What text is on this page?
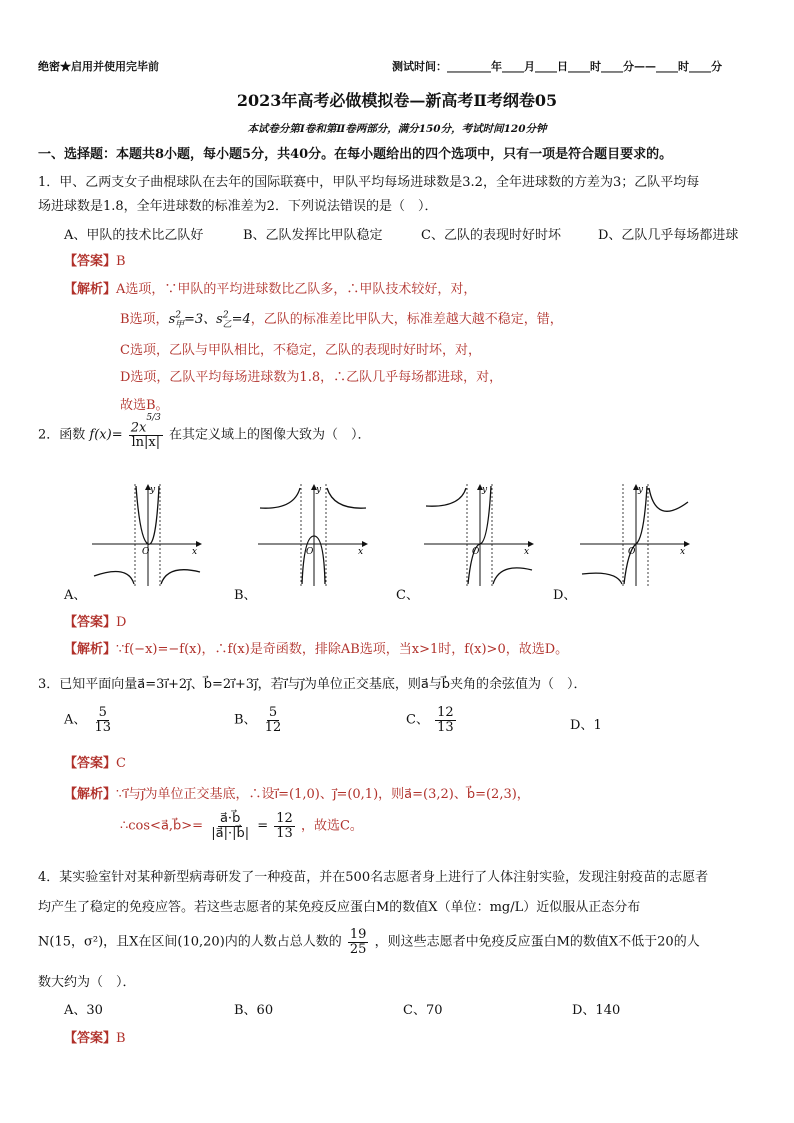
绝密★启用并使用完毕前	测试时间：________年____月____日____时____分——____时____分
2023年高考必做模拟卷—新高考Ⅱ考纲卷05
本试卷分第Ⅰ卷和第Ⅱ卷两部分，满分150分，考试时间120分钟
一、选择题：本题共8小题，每小题5分，共40分。在每小题给出的四个选项中，只有一项是符合题目要求的。
1．甲、乙两支女子曲棍球队在去年的国际联赛中，甲队平均每场进球数是3.2，全年进球数的方差为3；乙队平均每
场进球数是1.8，全年进球数的标准差为2．下列说法错误的是（　）．
A、甲队的技术比乙队好	B、乙队发挥比甲队稳定	C、乙队的表现时好时坏	D、乙队几乎每场都进球
【答案】B
【解析】A选项，∵甲队的平均进球数比乙队多，∴甲队技术较好，对，
B选项，$s^2_甲=3$、$s^2_乙=4$，乙队的标准差比甲队大，标准差越大越不稳定，错，
C选项，乙队与甲队相比，不稳定，乙队的表现时好时坏，对，
D选项，乙队平均每场进球数为1.8，∴乙队几乎每场都进球，对，
故选B。
2．函数 $f(x)= \frac{2x^{5/3}}{\ln|x|}$ 在其定义域上的图像大致为（　）．
y
O	x
y
O	x
y
O	x
y
O	x
A、	B、	C、	D、
【答案】D
【解析】∵f(−x)=−f(x)，∴f(x)是奇函数，排除AB选项，当x>1时，f(x)>0，故选D。
3．已知平面向量a⃗=3i⃗+2j⃗、b⃗=2i⃗+3j⃗，若i⃗与j⃗为单位正交基底，则a⃗与b⃗夹角的余弦值为（　）．
A、 $\frac{5}{13}$	B、 $\frac{5}{12}$	C、 $\frac{12}{13}$	D、1
【答案】C
【解析】∵i⃗与j⃗为单位正交基底，∴设i⃗=(1,0)、j⃗=(0,1)，则a⃗=(3,2)、b⃗=(2,3)，
∴cos<a⃗,b⃗>= $\frac{a⃗\cdot b⃗}{|a⃗|\cdot|b⃗|} = \frac{12}{13}$ ，故选C。
4．某实验室针对某种新型病毒研发了一种疫苗，并在500名志愿者身上进行了人体注射实验，发现注射疫苗的志愿者
均产生了稳定的免疫应答。若这些志愿者的某免疫反应蛋白M的数值X（单位：mg/L）近似服从正态分布
N(15，σ²)，且X在区间(10,20)内的人数占总人数的 $\frac{19}{25}$ ，则这些志愿者中免疫反应蛋白M的数值X不低于20的人
数大约为（　）．
A、30	B、60	C、70	D、140
【答案】B
